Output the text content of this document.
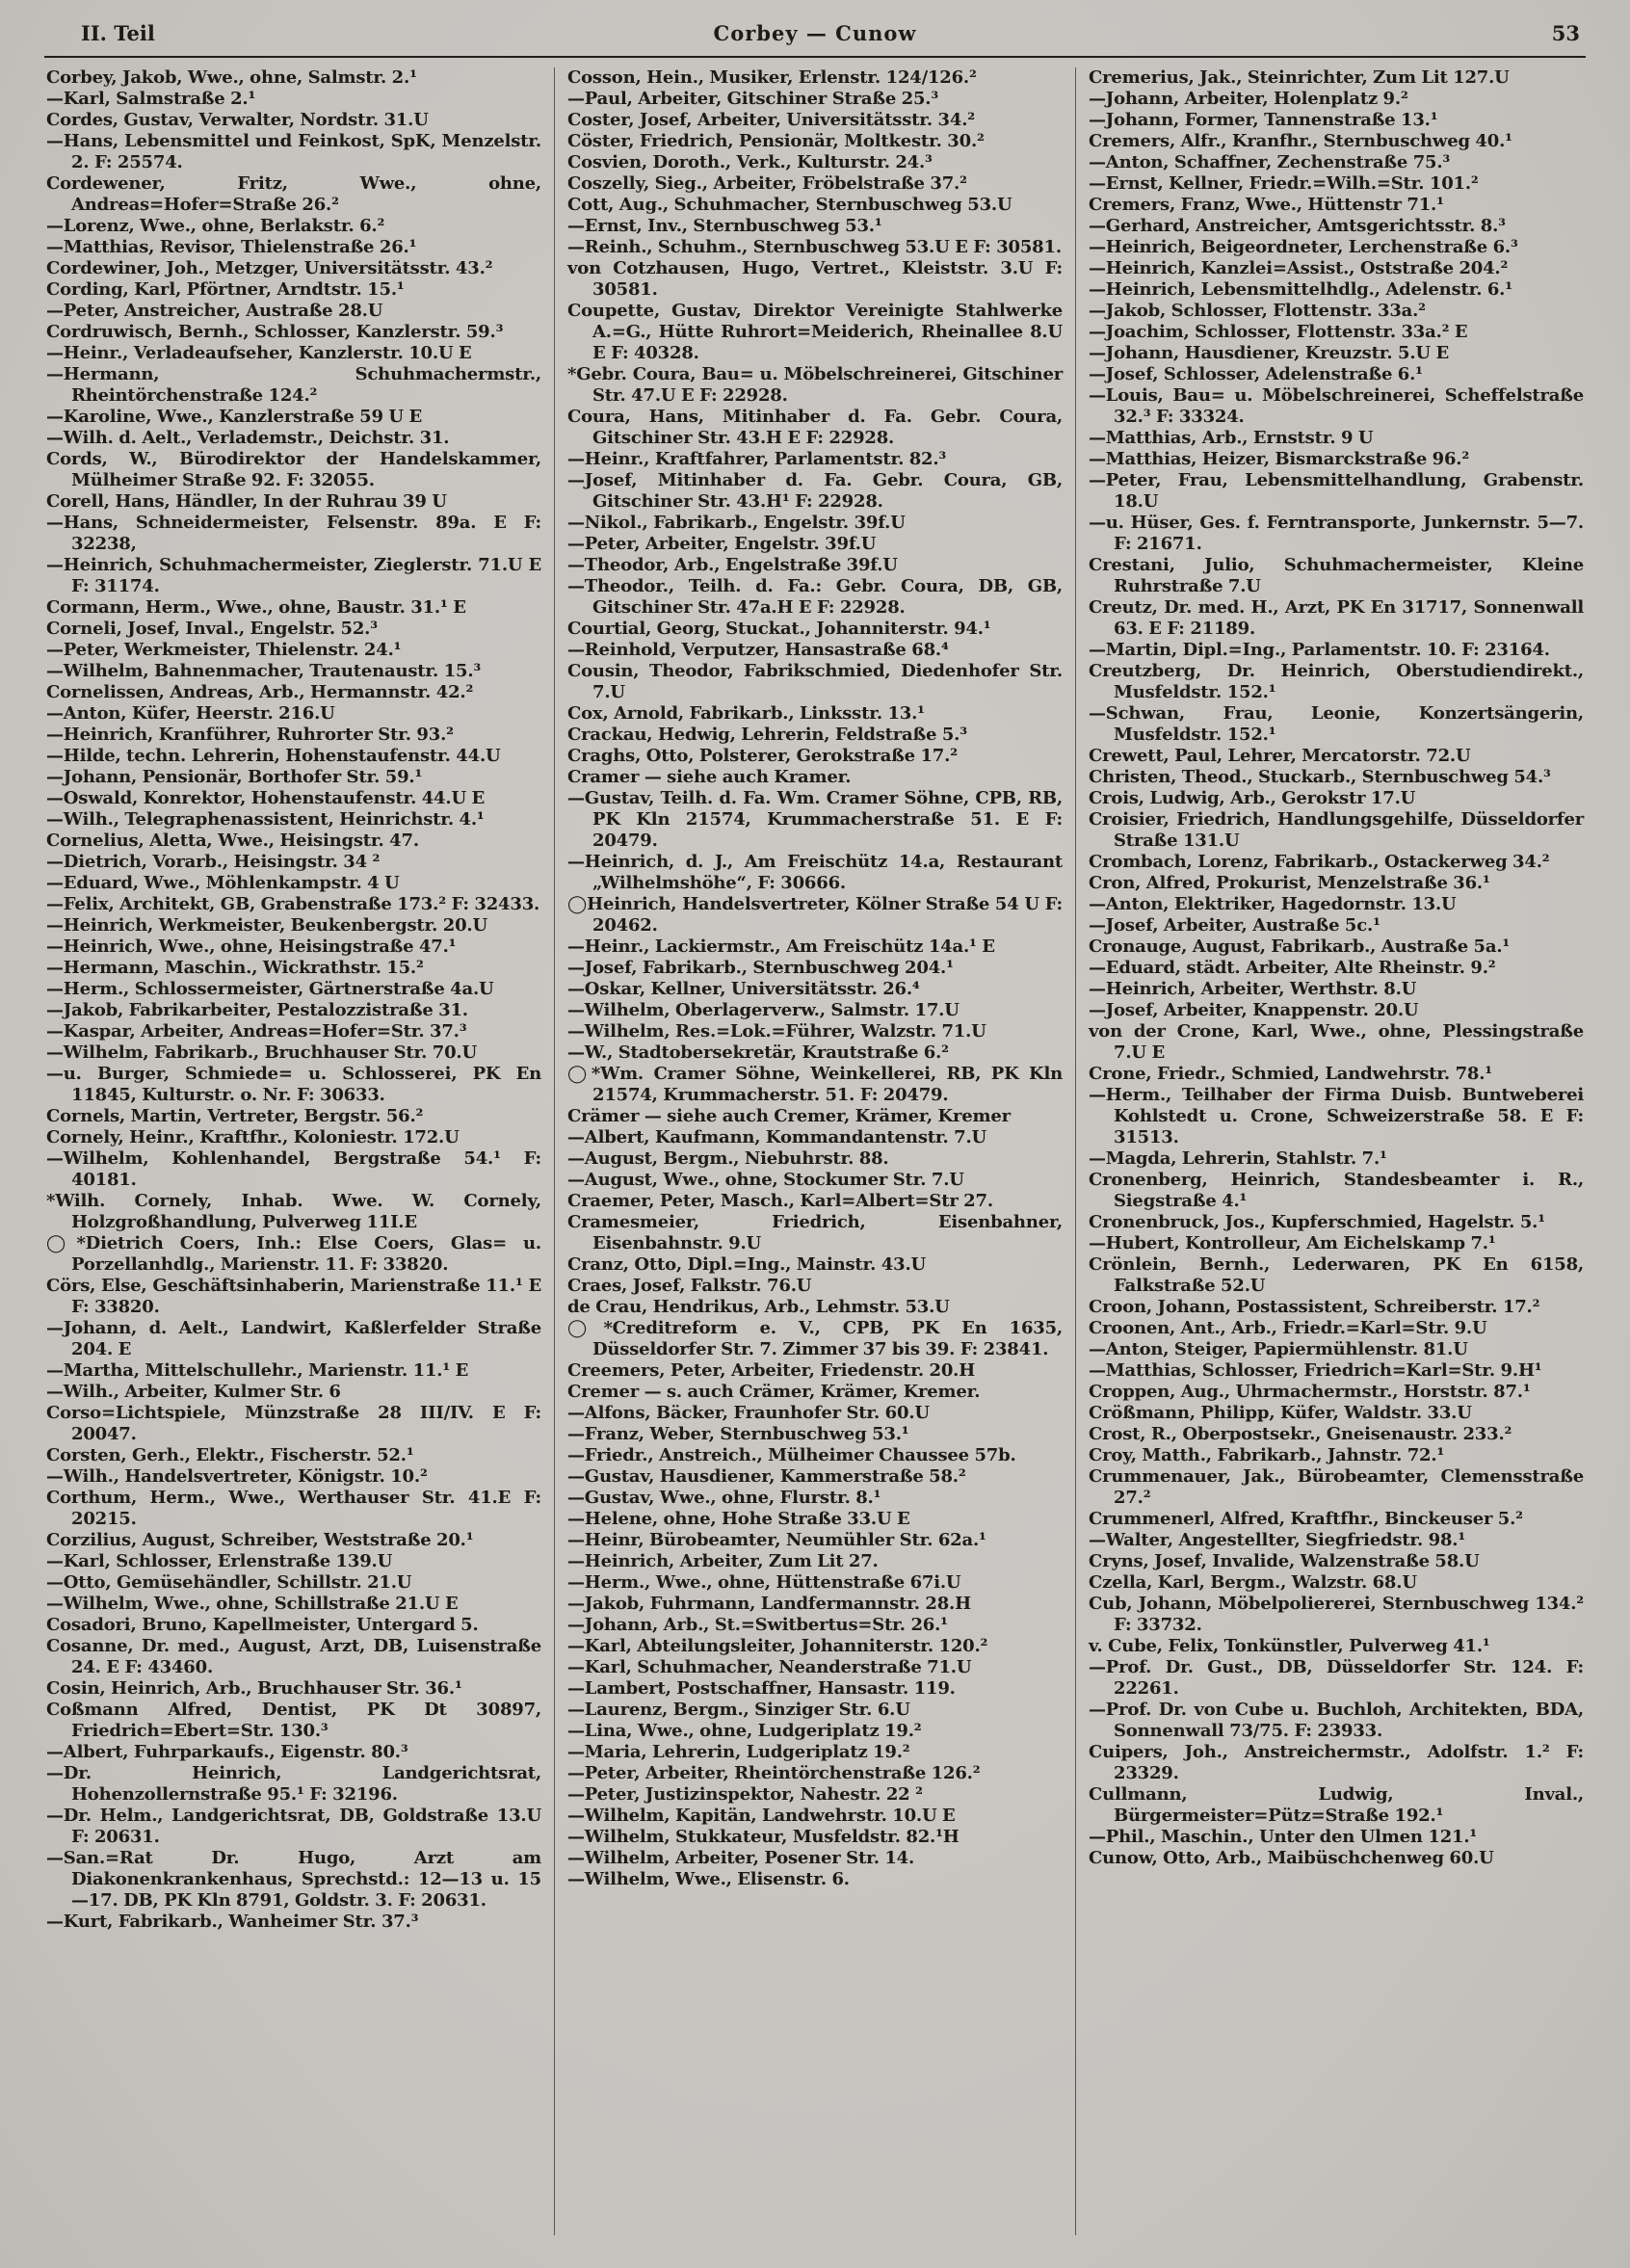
II. Teil	Corbey — Cunow	53
Corbey, Jakob, Wwe., ohne, Salmstr. 2.¹
—Karl, Salmstraße 2.¹
Cordes, Gustav, Verwalter, Nordstr. 31.U
—Hans, Lebensmittel und Feinkost, SpK, Menzelstr. 2. F: 25574.
Cordewener, Fritz, Wwe., ohne, Andreas=Hofer=Straße 26.²
—Lorenz, Wwe., ohne, Berlakstr. 6.²
—Matthias, Revisor, Thielenstraße 26.¹
Cordewiner, Joh., Metzger, Universitätsstr. 43.²
Cording, Karl, Pförtner, Arndtstr. 15.¹
—Peter, Anstreicher, Austraße 28.U
Cordruwisch, Bernh., Schlosser, Kanzlerstr. 59.³
—Heinr., Verladeaufseher, Kanzlerstr. 10.U E
—Hermann, Schuhmachermstr., Rheintörchenstraße 124.²
—Karoline, Wwe., Kanzlerstraße 59 U E
—Wilh. d. Aelt., Verlademstr., Deichstr. 31.
Cords, W., Bürodirektor der Handelskammer, Mülheimer Straße 92. F: 32055.
Corell, Hans, Händler, In der Ruhrau 39 U
—Hans, Schneidermeister, Felsenstr. 89a. E F: 32238,
—Heinrich, Schuhmachermeister, Zieglerstr. 71.U E F: 31174.
Cormann, Herm., Wwe., ohne, Baustr. 31.¹ E
Corneli, Josef, Inval., Engelstr. 52.³
—Peter, Werkmeister, Thielenstr. 24.¹
—Wilhelm, Bahnenmacher, Trautenaustr. 15.³
Cornelissen, Andreas, Arb., Hermannstr. 42.²
—Anton, Küfer, Heerstr. 216.U
—Heinrich, Kranführer, Ruhrorter Str. 93.²
—Hilde, techn. Lehrerin, Hohenstaufenstr. 44.U
—Johann, Pensionär, Borthofer Str. 59.¹
—Oswald, Konrektor, Hohenstaufenstr. 44.U E
—Wilh., Telegraphenassistent, Heinrichstr. 4.¹
Cornelius, Aletta, Wwe., Heisingstr. 47.
—Dietrich, Vorarb., Heisingstr. 34 ²
—Eduard, Wwe., Möhlenkampstr. 4 U
—Felix, Architekt, GB, Grabenstraße 173.² F: 32433.
—Heinrich, Werkmeister, Beukenbergstr. 20.U
—Heinrich, Wwe., ohne, Heisingstraße 47.¹
—Hermann, Maschin., Wickrathstr. 15.²
—Herm., Schlossermeister, Gärtnerstraße 4a.U
—Jakob, Fabrikarbeiter, Pestalozzistraße 31.
—Kaspar, Arbeiter, Andreas=Hofer=Str. 37.³
—Wilhelm, Fabrikarb., Bruchhauser Str. 70.U
—u. Burger, Schmiede= u. Schlosserei, PK En 11845, Kulturstr. o. Nr. F: 30633.
Cornels, Martin, Vertreter, Bergstr. 56.²
Cornely, Heinr., Kraftfhr., Koloniestr. 172.U
—Wilhelm, Kohlenhandel, Bergstraße 54.¹ F: 40181.
*Wilh. Cornely, Inhab. Wwe. W. Cornely, Holzgroßhandlung, Pulverweg 11I.E
◯*Dietrich Coers, Inh.: Else Coers, Glas= u. Porzellanhdlg., Marienstr. 11. F: 33820.
Cörs, Else, Geschäftsinhaberin, Marienstraße 11.¹ E F: 33820.
—Johann, d. Aelt., Landwirt, Kaßlerfelder Straße 204. E
—Martha, Mittelschullehr., Marienstr. 11.¹ E
—Wilh., Arbeiter, Kulmer Str. 6
Corso=Lichtspiele, Münzstraße 28 III/IV. E F: 20047.
Corsten, Gerh., Elektr., Fischerstr. 52.¹
—Wilh., Handelsvertreter, Königstr. 10.²
Corthum, Herm., Wwe., Werthauser Str. 41.E F: 20215.
Corzilius, August, Schreiber, Weststraße 20.¹
—Karl, Schlosser, Erlenstraße 139.U
—Otto, Gemüsehändler, Schillstr. 21.U
—Wilhelm, Wwe., ohne, Schillstraße 21.U E
Cosadori, Bruno, Kapellmeister, Untergard 5.
Cosanne, Dr. med., August, Arzt, DB, Luisenstraße 24. E F: 43460.
Cosin, Heinrich, Arb., Bruchhauser Str. 36.¹
Coßmann Alfred, Dentist, PK Dt 30897, Friedrich=Ebert=Str. 130.³
—Albert, Fuhrparkaufs., Eigenstr. 80.³
—Dr. Heinrich, Landgerichtsrat, Hohenzollernstraße 95.¹ F: 32196.
—Dr. Helm., Landgerichtsrat, DB, Goldstraße 13.U F: 20631.
—San.=Rat Dr. Hugo, Arzt am Diakonenkrankenhaus, Sprechstd.: 12—13 u. 15—17. DB, PK Kln 8791, Goldstr. 3. F: 20631.
—Kurt, Fabrikarb., Wanheimer Str. 37.³
Cosson, Hein., Musiker, Erlenstr. 124/126.²
—Paul, Arbeiter, Gitschiner Straße 25.³
Coster, Josef, Arbeiter, Universitätsstr. 34.²
Cöster, Friedrich, Pensionär, Moltkestr. 30.²
Cosvien, Doroth., Verk., Kulturstr. 24.³
Coszelly, Sieg., Arbeiter, Fröbelstraße 37.²
Cott, Aug., Schuhmacher, Sternbuschweg 53.U
—Ernst, Inv., Sternbuschweg 53.¹
—Reinh., Schuhm., Sternbuschweg 53.U E F: 30581.
von Cotzhausen, Hugo, Vertret., Kleiststr. 3.U F: 30581.
Coupette, Gustav, Direktor Vereinigte Stahlwerke A.=G., Hütte Ruhrort=Meiderich, Rheinallee 8.U E F: 40328.
*Gebr. Coura, Bau= u. Möbelschreinerei, Gitschiner Str. 47.U E F: 22928.
Coura, Hans, Mitinhaber d. Fa. Gebr. Coura, Gitschiner Str. 43.H E F: 22928.
—Heinr., Kraftfahrer, Parlamentstr. 82.³
—Josef, Mitinhaber d. Fa. Gebr. Coura, GB, Gitschiner Str. 43.H¹ F: 22928.
—Nikol., Fabrikarb., Engelstr. 39f.U
—Peter, Arbeiter, Engelstr. 39f.U
—Theodor, Arb., Engelstraße 39f.U
—Theodor., Teilh. d. Fa.: Gebr. Coura, DB, GB, Gitschiner Str. 47a.H E F: 22928.
Courtial, Georg, Stuckat., Johanniterstr. 94.¹
—Reinhold, Verputzer, Hansastraße 68.⁴
Cousin, Theodor, Fabrikschmied, Diedenhofer Str. 7.U
Cox, Arnold, Fabrikarb., Linksstr. 13.¹
Crackau, Hedwig, Lehrerin, Feldstraße 5.³
Craghs, Otto, Polsterer, Gerokstraße 17.²
Cramer — siehe auch Kramer.
—Gustav, Teilh. d. Fa. Wm. Cramer Söhne, CPB, RB, PK Kln 21574, Krummacherstraße 51. E F: 20479.
—Heinrich, d. J., Am Freischütz 14.a, Restaurant „Wilhelmshöhe“, F: 30666.
◯Heinrich, Handelsvertreter, Kölner Straße 54 U F: 20462.
—Heinr., Lackiermstr., Am Freischütz 14a.¹ E
—Josef, Fabrikarb., Sternbuschweg 204.¹
—Oskar, Kellner, Universitätsstr. 26.⁴
—Wilhelm, Oberlagerverw., Salmstr. 17.U
—Wilhelm, Res.=Lok.=Führer, Walzstr. 71.U
—W., Stadtobersekretär, Krautstraße 6.²
◯*Wm. Cramer Söhne, Weinkellerei, RB, PK Kln 21574, Krummacherstr. 51. F: 20479.
Crämer — siehe auch Cremer, Krämer, Kremer
—Albert, Kaufmann, Kommandantenstr. 7.U
—August, Bergm., Niebuhrstr. 88.
—August, Wwe., ohne, Stockumer Str. 7.U
Craemer, Peter, Masch., Karl=Albert=Str 27.
Cramesmeier, Friedrich, Eisenbahner, Eisenbahnstr. 9.U
Cranz, Otto, Dipl.=Ing., Mainstr. 43.U
Craes, Josef, Falkstr. 76.U
de Crau, Hendrikus, Arb., Lehmstr. 53.U
◯*Creditreform e. V., CPB, PK En 1635, Düsseldorfer Str. 7. Zimmer 37 bis 39. F: 23841.
Creemers, Peter, Arbeiter, Friedenstr. 20.H
Cremer — s. auch Crämer, Krämer, Kremer.
—Alfons, Bäcker, Fraunhofer Str. 60.U
—Franz, Weber, Sternbuschweg 53.¹
—Friedr., Anstreich., Mülheimer Chaussee 57b.
—Gustav, Hausdiener, Kammerstraße 58.²
—Gustav, Wwe., ohne, Flurstr. 8.¹
—Helene, ohne, Hohe Straße 33.U E
—Heinr, Bürobeamter, Neumühler Str. 62a.¹
—Heinrich, Arbeiter, Zum Lit 27.
—Herm., Wwe., ohne, Hüttenstraße 67i.U
—Jakob, Fuhrmann, Landfermannstr. 28.H
—Johann, Arb., St.=Switbertus=Str. 26.¹
—Karl, Abteilungsleiter, Johanniterstr. 120.²
—Karl, Schuhmacher, Neanderstraße 71.U
—Lambert, Postschaffner, Hansastr. 119.
—Laurenz, Bergm., Sinziger Str. 6.U
—Lina, Wwe., ohne, Ludgeriplatz 19.²
—Maria, Lehrerin, Ludgeriplatz 19.²
—Peter, Arbeiter, Rheintörchenstraße 126.²
—Peter, Justizinspektor, Nahestr. 22 ²
—Wilhelm, Kapitän, Landwehrstr. 10.U E
—Wilhelm, Stukkateur, Musfeldstr. 82.¹H
—Wilhelm, Arbeiter, Posener Str. 14.
—Wilhelm, Wwe., Elisenstr. 6.
Cremerius, Jak., Steinrichter, Zum Lit 127.U
—Johann, Arbeiter, Holenplatz 9.²
—Johann, Former, Tannenstraße 13.¹
Cremers, Alfr., Kranfhr., Sternbuschweg 40.¹
—Anton, Schaffner, Zechenstraße 75.³
—Ernst, Kellner, Friedr.=Wilh.=Str. 101.²
Cremers, Franz, Wwe., Hüttenstr 71.¹
—Gerhard, Anstreicher, Amtsgerichtsstr. 8.³
—Heinrich, Beigeordneter, Lerchenstraße 6.³
—Heinrich, Kanzlei=Assist., Oststraße 204.²
—Heinrich, Lebensmittelhdlg., Adelenstr. 6.¹
—Jakob, Schlosser, Flottenstr. 33a.²
—Joachim, Schlosser, Flottenstr. 33a.² E
—Johann, Hausdiener, Kreuzstr. 5.U E
—Josef, Schlosser, Adelenstraße 6.¹
—Louis, Bau= u. Möbelschreinerei, Scheffelstraße 32.³ F: 33324.
—Matthias, Arb., Ernststr. 9 U
—Matthias, Heizer, Bismarckstraße 96.²
—Peter, Frau, Lebensmittelhandlung, Grabenstr. 18.U
—u. Hüser, Ges. f. Ferntransporte, Junkernstr. 5—7. F: 21671.
Crestani, Julio, Schuhmachermeister, Kleine Ruhrstraße 7.U
Creutz, Dr. med. H., Arzt, PK En 31717, Sonnenwall 63. E F: 21189.
—Martin, Dipl.=Ing., Parlamentstr. 10. F: 23164.
Creutzberg, Dr. Heinrich, Oberstudiendirekt., Musfeldstr. 152.¹
—Schwan, Frau, Leonie, Konzertsängerin, Musfeldstr. 152.¹
Crewett, Paul, Lehrer, Mercatorstr. 72.U
Christen, Theod., Stuckarb., Sternbuschweg 54.³
Crois, Ludwig, Arb., Gerokstr 17.U
Croisier, Friedrich, Handlungsgehilfe, Düsseldorfer Straße 131.U
Crombach, Lorenz, Fabrikarb., Ostackerweg 34.²
Cron, Alfred, Prokurist, Menzelstraße 36.¹
—Anton, Elektriker, Hagedornstr. 13.U
—Josef, Arbeiter, Austraße 5c.¹
Cronauge, August, Fabrikarb., Austraße 5a.¹
—Eduard, städt. Arbeiter, Alte Rheinstr. 9.²
—Heinrich, Arbeiter, Werthstr. 8.U
—Josef, Arbeiter, Knappenstr. 20.U
von der Crone, Karl, Wwe., ohne, Plessingstraße 7.U E
Crone, Friedr., Schmied, Landwehrstr. 78.¹
—Herm., Teilhaber der Firma Duisb. Buntweberei Kohlstedt u. Crone, Schweizerstraße 58. E F: 31513.
—Magda, Lehrerin, Stahlstr. 7.¹
Cronenberg, Heinrich, Standesbeamter i. R., Siegstraße 4.¹
Cronenbruck, Jos., Kupferschmied, Hagelstr. 5.¹
—Hubert, Kontrolleur, Am Eichelskamp 7.¹
Crönlein, Bernh., Lederwaren, PK En 6158, Falkstraße 52.U
Croon, Johann, Postassistent, Schreiberstr. 17.²
Croonen, Ant., Arb., Friedr.=Karl=Str. 9.U
—Anton, Steiger, Papiermühlenstr. 81.U
—Matthias, Schlosser, Friedrich=Karl=Str. 9.H¹
Croppen, Aug., Uhrmachermstr., Horststr. 87.¹
Crößmann, Philipp, Küfer, Waldstr. 33.U
Crost, R., Oberpostsekr., Gneisenaustr. 233.²
Croy, Matth., Fabrikarb., Jahnstr. 72.¹
Crummenauer, Jak., Bürobeamter, Clemensstraße 27.²
Crummenerl, Alfred, Kraftfhr., Binckeuser 5.²
—Walter, Angestellter, Siegfriedstr. 98.¹
Cryns, Josef, Invalide, Walzenstraße 58.U
Czella, Karl, Bergm., Walzstr. 68.U
Cub, Johann, Möbelpoliererei, Sternbuschweg 134.² F: 33732.
v. Cube, Felix, Tonkünstler, Pulverweg 41.¹
—Prof. Dr. Gust., DB, Düsseldorfer Str. 124. F: 22261.
—Prof. Dr. von Cube u. Buchloh, Architekten, BDA, Sonnenwall 73/75. F: 23933.
Cuipers, Joh., Anstreichermstr., Adolfstr. 1.² F: 23329.
Cullmann, Ludwig, Inval., Bürgermeister=Pütz=Straße 192.¹
—Phil., Maschin., Unter den Ulmen 121.¹
Cunow, Otto, Arb., Maibüschchenweg 60.U
